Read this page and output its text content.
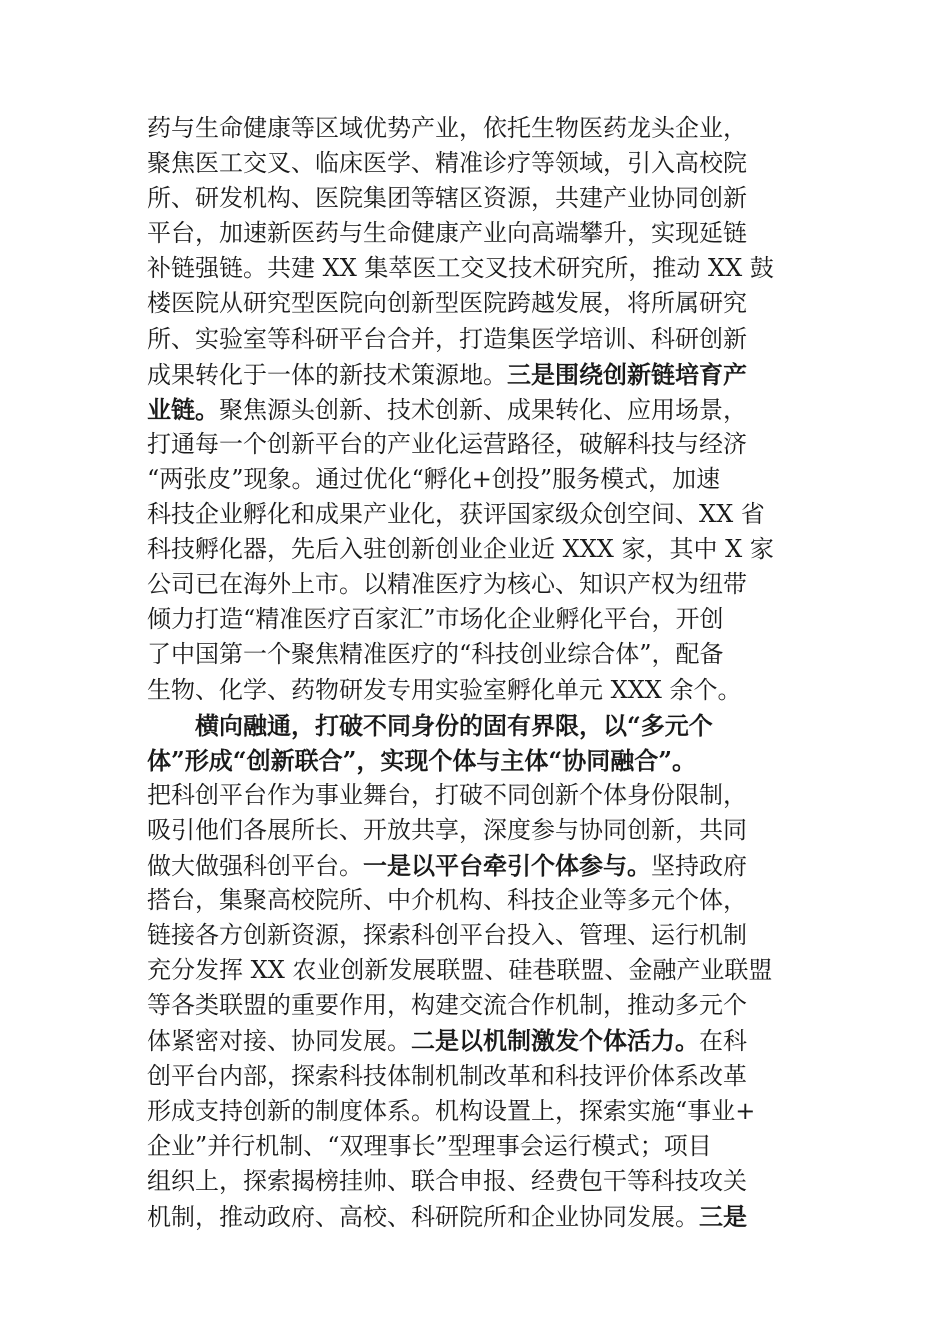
药与生命健康等区域优势产业，依托生物医药龙头企业，
聚焦医工交叉、临床医学、精准诊疗等领域，引入高校院
所、研发机构、医院集团等辖区资源，共建产业协同创新
平台，加速新医药与生命健康产业向高端攀升，实现延链
补链强链。共建 XX 集萃医工交叉技术研究所，推动 XX 鼓
楼医院从研究型医院向创新型医院跨越发展，将所属研究
所、实验室等科研平台合并，打造集医学培训、科研创新
成果转化于一体的新技术策源地。三是围绕创新链培育产
业链。聚焦源头创新、技术创新、成果转化、应用场景，
打通每一个创新平台的产业化运营路径，破解科技与经济
“两张皮”现象。通过优化“孵化+创投”服务模式，加速
科技企业孵化和成果产业化，获评国家级众创空间、XX 省
科技孵化器，先后入驻创新创业企业近 XXX 家，其中 X 家
公司已在海外上市。以精准医疗为核心、知识产权为纽带
倾力打造“精准医疗百家汇”市场化企业孵化平台，开创
了中国第一个聚焦精准医疗的“科技创业综合体”，配备
生物、化学、药物研发专用实验室孵化单元 XXX 余个。
横向融通，打破不同身份的固有界限，以“多元个
体”形成“创新联合”，实现个体与主体“协同融合”。
把科创平台作为事业舞台，打破不同创新个体身份限制，
吸引他们各展所长、开放共享，深度参与协同创新，共同
做大做强科创平台。一是以平台牵引个体参与。坚持政府
搭台，集聚高校院所、中介机构、科技企业等多元个体，
链接各方创新资源，探索科创平台投入、管理、运行机制
充分发挥 XX 农业创新发展联盟、硅巷联盟、金融产业联盟
等各类联盟的重要作用，构建交流合作机制，推动多元个
体紧密对接、协同发展。二是以机制激发个体活力。在科
创平台内部，探索科技体制机制改革和科技评价体系改革
形成支持创新的制度体系。机构设置上，探索实施“事业+
企业”并行机制、“双理事长”型理事会运行模式；项目
组织上，探索揭榜挂帅、联合申报、经费包干等科技攻关
机制，推动政府、高校、科研院所和企业协同发展。三是
